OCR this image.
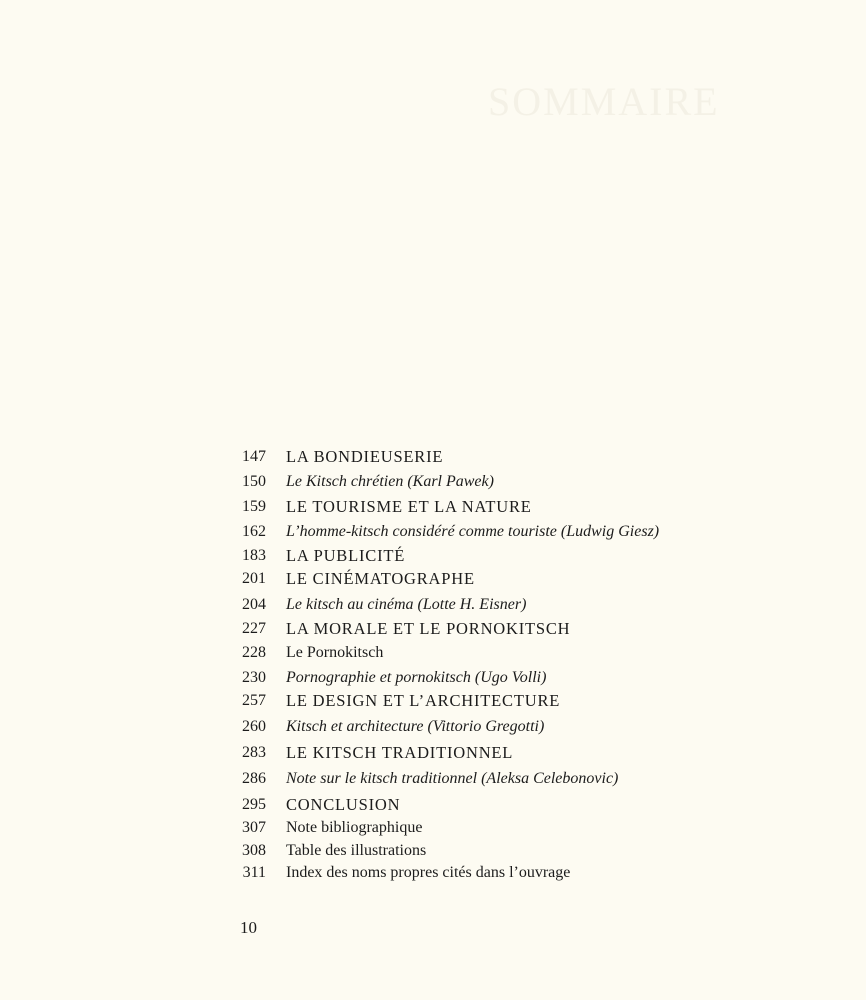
SOMMAIRE
147 LA BONDIEUSERIE
150 Le Kitsch chrétien (Karl Pawek)
159 LE TOURISME ET LA NATURE
162 L’homme-kitsch considéré comme touriste (Ludwig Giesz)
183 LA PUBLICITÉ
201 LE CINÉMATOGRAPHE
204 Le kitsch au cinéma (Lotte H. Eisner)
227 LA MORALE ET LE PORNOKITSCH
228 Le Pornokitsch
230 Pornographie et pornokitsch (Ugo Volli)
257 LE DESIGN ET L’ARCHITECTURE
260 Kitsch et architecture (Vittorio Gregotti)
283 LE KITSCH TRADITIONNEL
286 Note sur le kitsch traditionnel (Aleksa Celebonovic)
295 CONCLUSION
307 Note bibliographique
308 Table des illustrations
311 Index des noms propres cités dans l’ouvrage
10
